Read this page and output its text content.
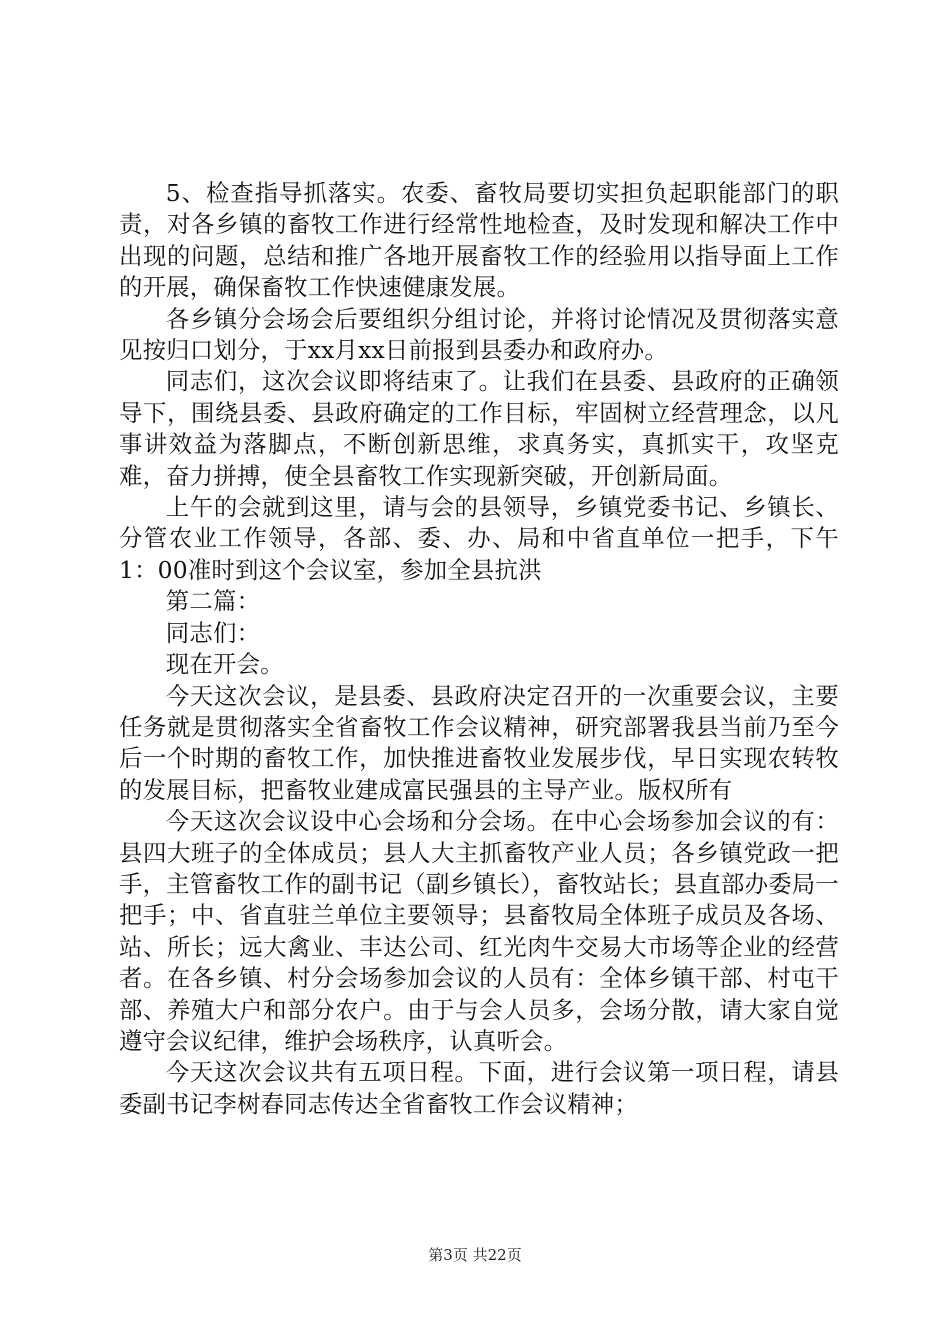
5、检查指导抓落实。农委、畜牧局要切实担负起职能部门的职责，对各乡镇的畜牧工作进行经常性地检查，及时发现和解决工作中出现的问题，总结和推广各地开展畜牧工作的经验用以指导面上工作的开展，确保畜牧工作快速健康发展。

各乡镇分会场会后要组织分组讨论，并将讨论情况及贯彻落实意见按归口划分，于xx月xx日前报到县委办和政府办。

同志们，这次会议即将结束了。让我们在县委、县政府的正确领导下，围绕县委、县政府确定的工作目标，牢固树立经营理念，以凡事讲效益为落脚点，不断创新思维，求真务实，真抓实干，攻坚克难，奋力拼搏，使全县畜牧工作实现新突破，开创新局面。

上午的会就到这里，请与会的县领导，乡镇党委书记、乡镇长、分管农业工作领导，各部、委、办、局和中省直单位一把手，下午1：00准时到这个会议室，参加全县抗洪

第二篇：

同志们：

现在开会。

今天这次会议，是县委、县政府决定召开的一次重要会议，主要任务就是贯彻落实全省畜牧工作会议精神，研究部署我县当前乃至今后一个时期的畜牧工作，加快推进畜牧业发展步伐，早日实现农转牧的发展目标，把畜牧业建成富民强县的主导产业。版权所有

今天这次会议设中心会场和分会场。在中心会场参加会议的有：县四大班子的全体成员；县人大主抓畜牧产业人员；各乡镇党政一把手，主管畜牧工作的副书记（副乡镇长），畜牧站长；县直部办委局一把手；中、省直驻兰单位主要领导；县畜牧局全体班子成员及各场、站、所长；远大禽业、丰达公司、红光肉牛交易大市场等企业的经营者。在各乡镇、村分会场参加会议的人员有：全体乡镇干部、村屯干部、养殖大户和部分农户。由于与会人员多，会场分散，请大家自觉遵守会议纪律，维护会场秩序，认真听会。

今天这次会议共有五项日程。下面，进行会议第一项日程，请县委副书记李树春同志传达全省畜牧工作会议精神；

第3页 共22页
